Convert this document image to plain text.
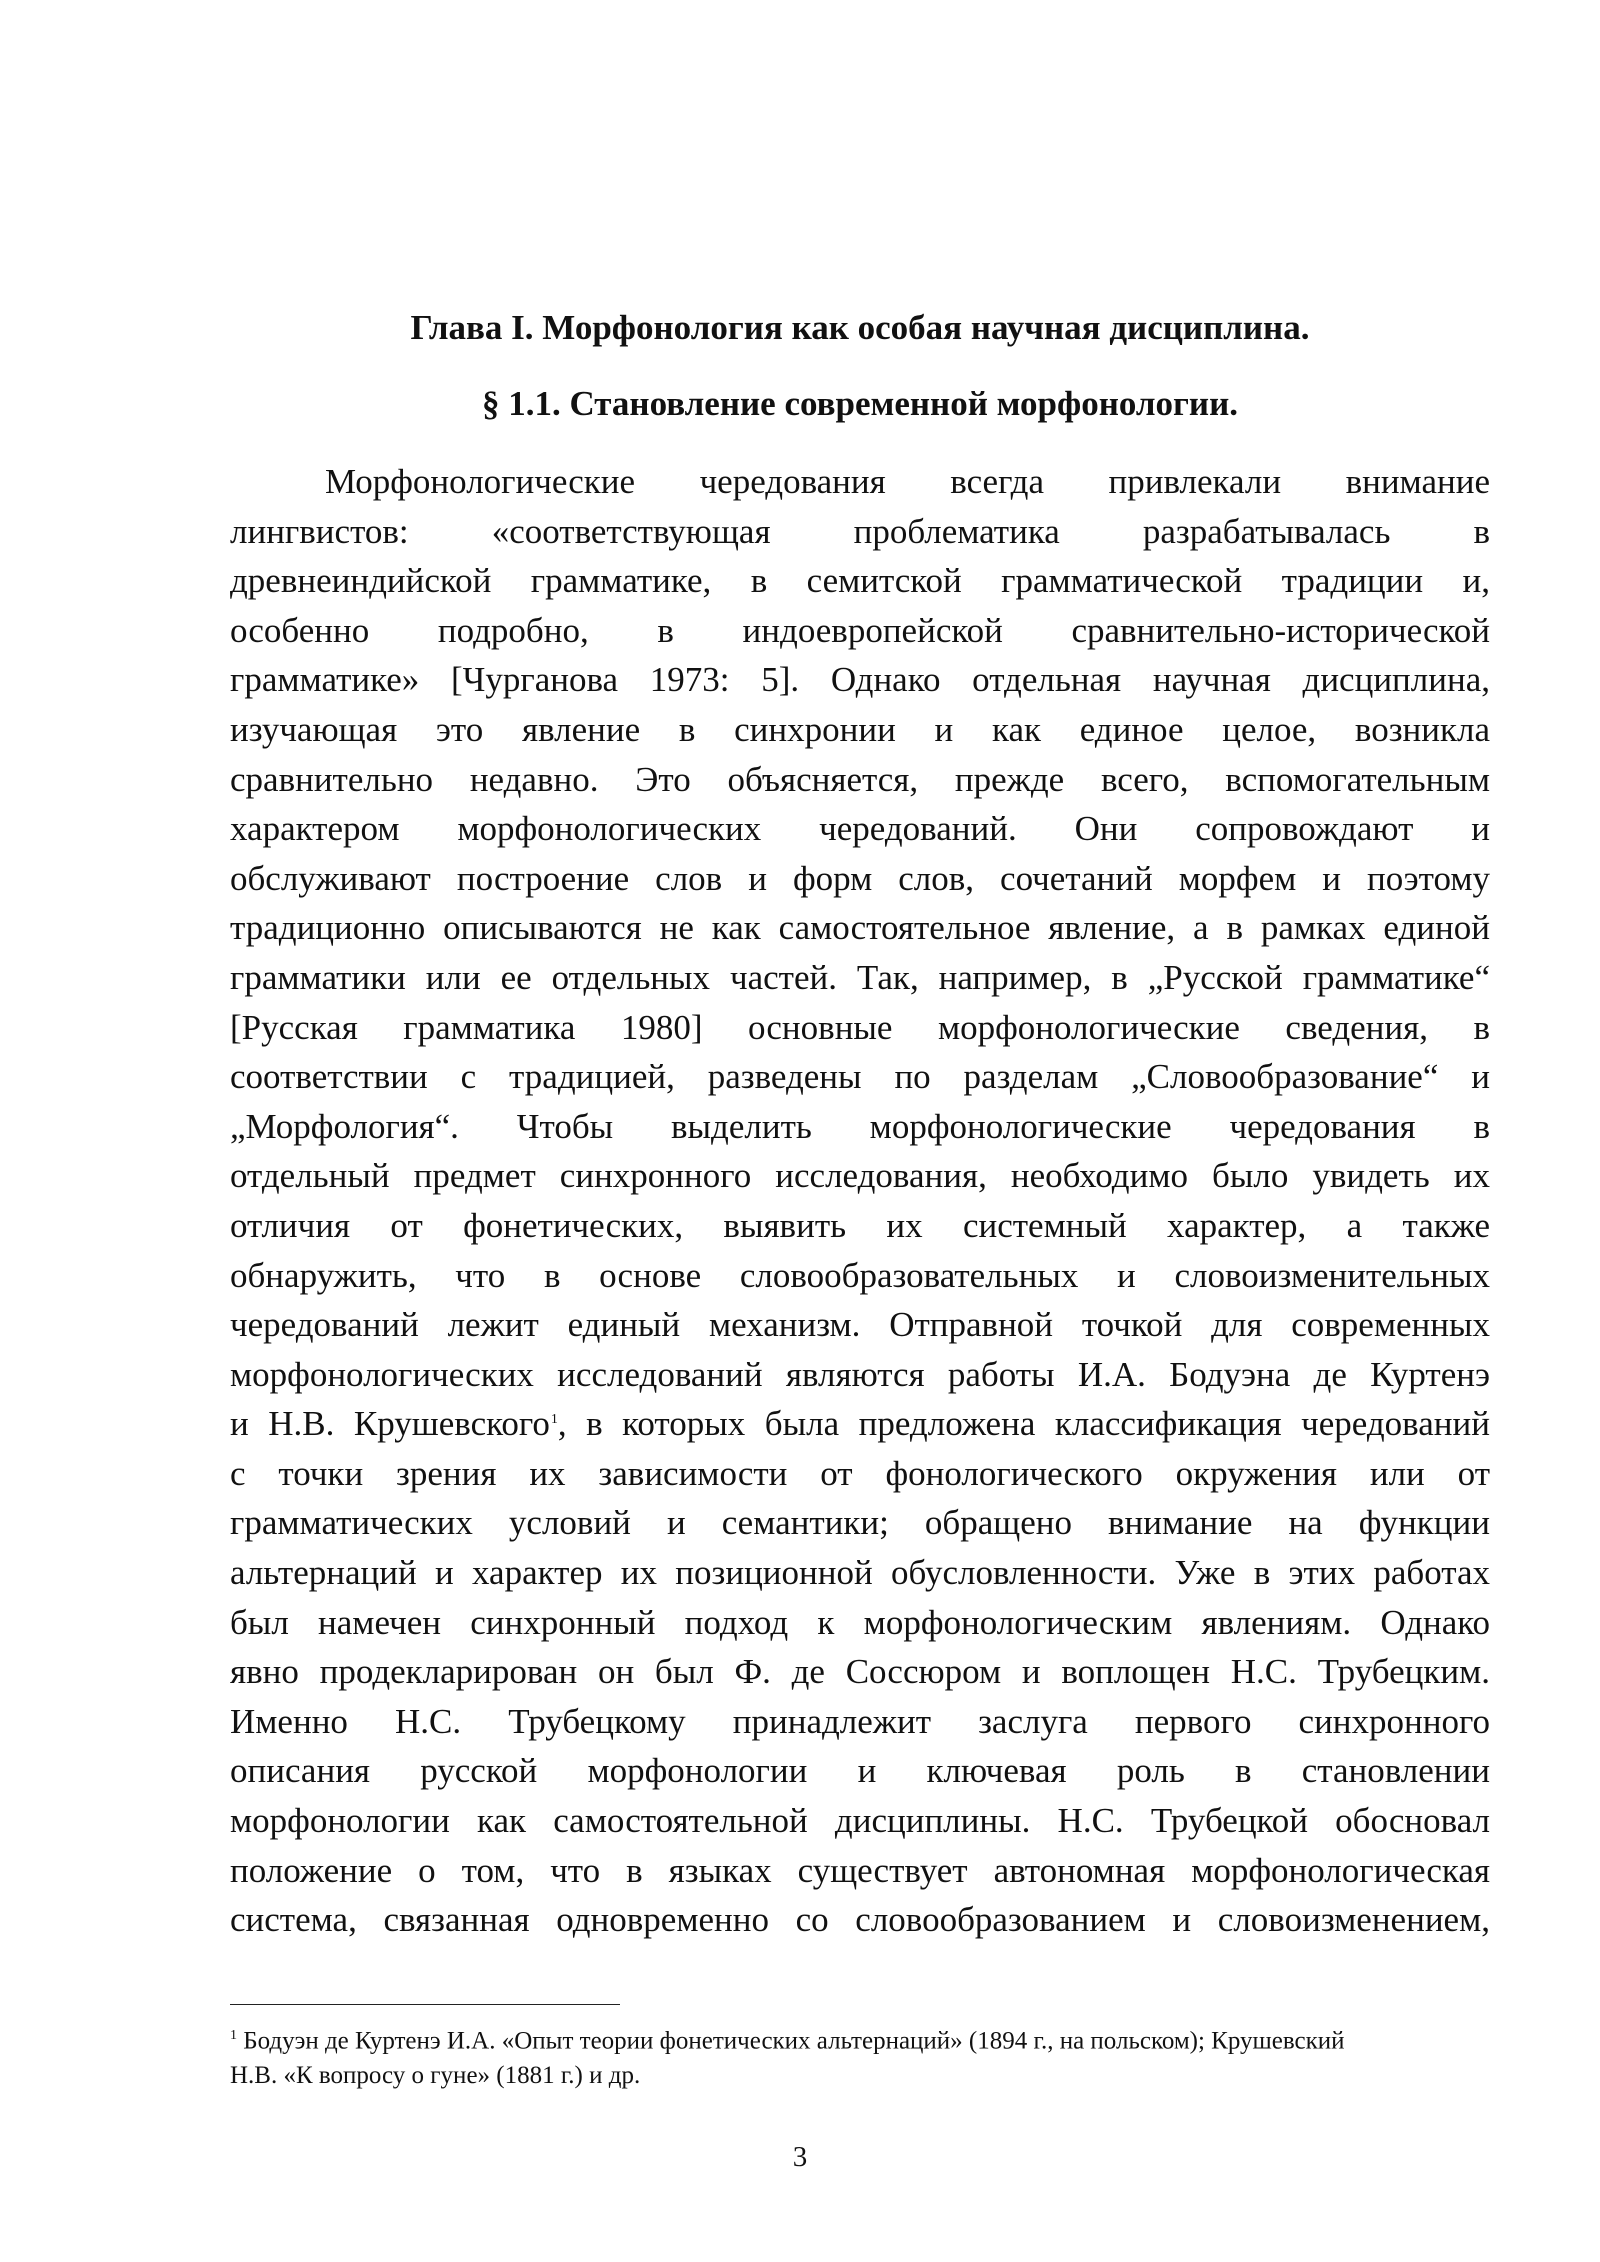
Глава I. Морфонология как особая научная дисциплина.
§ 1.1. Становление современной морфонологии.
Морфонологические чередования всегда привлекали внимание
лингвистов: «соответствующая проблематика разрабатывалась в
древнеиндийской грамматике, в семитской грамматической традиции и,
особенно подробно, в индоевропейской сравнительно-исторической
грамматике» [Чурганова 1973: 5]. Однако отдельная научная дисциплина,
изучающая это явление в синхронии и как единое целое, возникла
сравнительно недавно. Это объясняется, прежде всего, вспомогательным
характером морфонологических чередований. Они сопровождают и
обслуживают построение слов и форм слов, сочетаний морфем и поэтому
традиционно описываются не как самостоятельное явление, а в рамках единой
грамматики или ее отдельных частей. Так, например, в „Русской грамматике“
[Русская грамматика 1980] основные морфонологические сведения, в
соответствии с традицией, разведены по разделам „Словообразование“ и
„Морфология“. Чтобы выделить морфонологические чередования в
отдельный предмет синхронного исследования, необходимо было увидеть их
отличия от фонетических, выявить их системный характер, а также
обнаружить, что в основе словообразовательных и словоизменительных
чередований лежит единый механизм. Отправной точкой для современных
морфонологических исследований являются работы И.А. Бодуэна де Куртенэ
и Н.В. Крушевского$^1$, в которых была предложена классификация чередований
с точки зрения их зависимости от фонологического окружения или от
грамматических условий и семантики; обращено внимание на функции
альтернаций и характер их позиционной обусловленности. Уже в этих работах
был намечен синхронный подход к морфонологическим явлениям. Однако
явно продекларирован он был Ф. де Соссюром и воплощен Н.С. Трубецким.
Именно Н.С. Трубецкому принадлежит заслуга первого синхронного
описания русской морфонологии и ключевая роль в становлении
морфонологии как самостоятельной дисциплины. Н.С. Трубецкой обосновал
положение о том, что в языках существует автономная морфонологическая
система, связанная одновременно со словообразованием и словоизменением,
$^1$ Бодуэн де Куртенэ И.А. «Опыт теории фонетических альтернаций» (1894 г., на польском); Крушевский
Н.В. «К вопросу о гуне» (1881 г.) и др.
3
